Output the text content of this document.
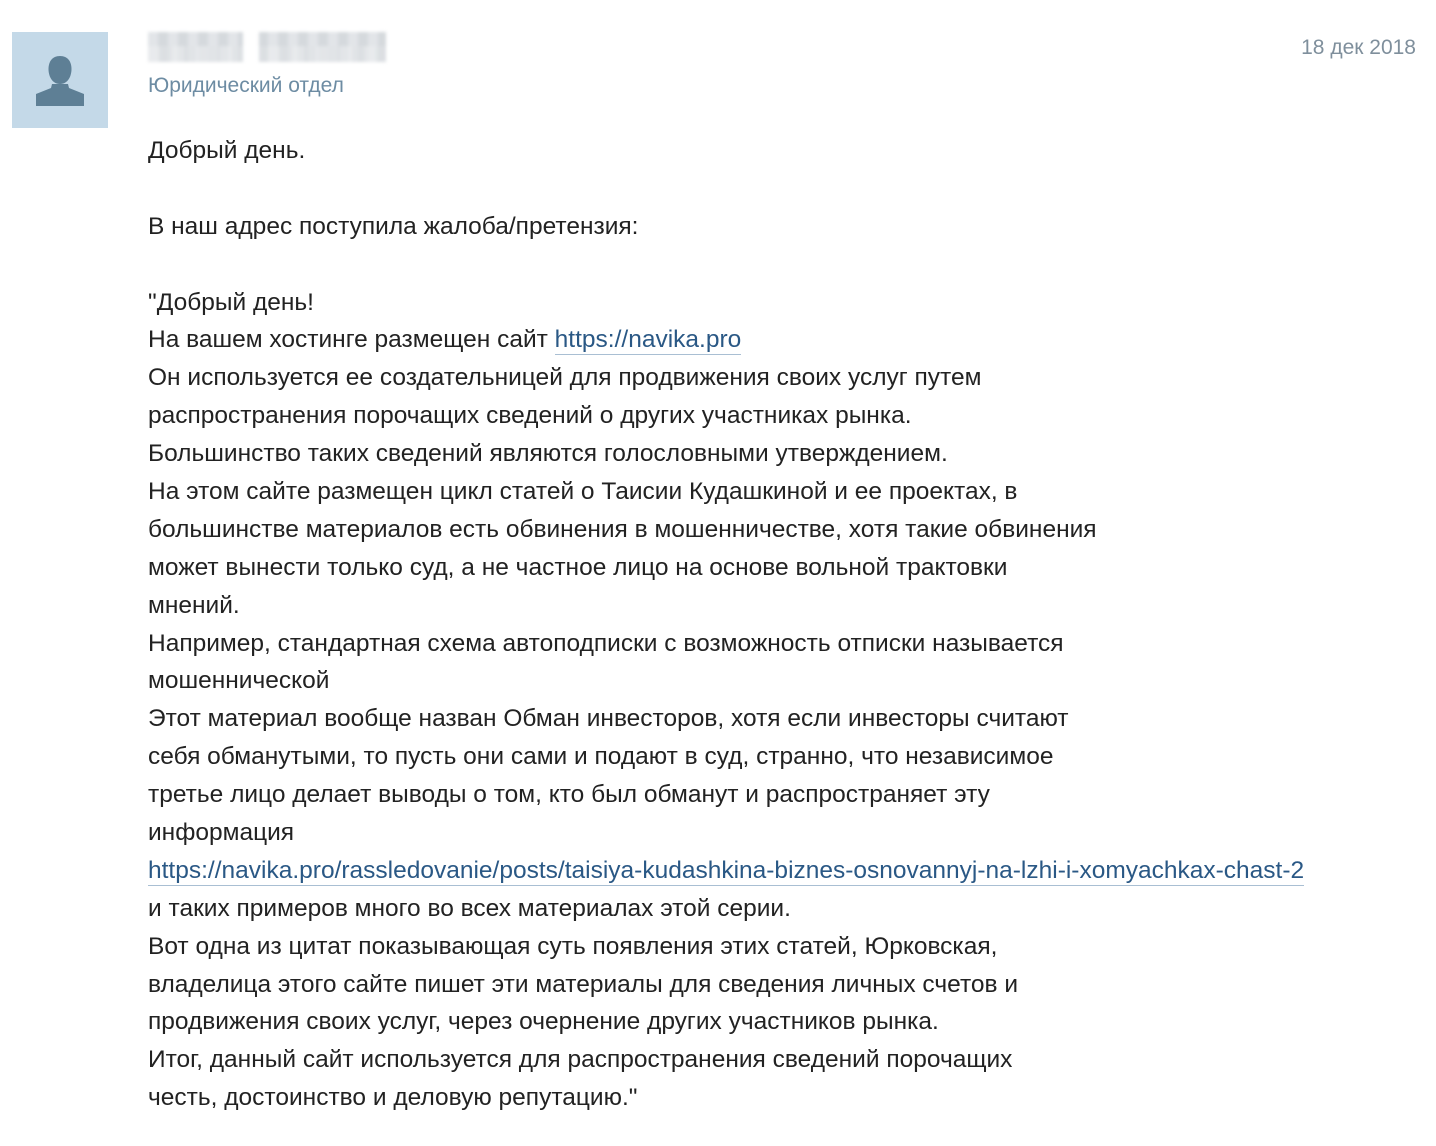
Юридический отдел
18 дек 2018
Добрый день.
В наш адрес поступила жалоба/претензия:
"Добрый день!
На вашем хостинге размещен сайт https://navika.pro
Он используется ее создательницей для продвижения своих услуг путем
распространения порочащих сведений о других участниках рынка.
Большинство таких сведений являются голословными утверждением.
На этом сайте размещен цикл статей о Таисии Кудашкиной и ее проектах, в
большинстве материалов есть обвинения в мошенничестве, хотя такие обвинения
может вынести только суд, а не частное лицо на основе вольной трактовки
мнений.
Например, стандартная схема автоподписки с возможность отписки называется
мошеннической
Этот материал вообще назван Обман инвесторов, хотя если инвесторы считают
себя обманутыми, то пусть они сами и подают в суд, странно, что независимое
третье лицо делает выводы о том, кто был обманут и распространяет эту
информация
https://navika.pro/rassledovanie/posts/taisiya-kudashkina-biznes-osnovannyj-na-lzhi-i-xomyachkax-chast-2
и таких примеров много во всех материалах этой серии.
Вот одна из цитат показывающая суть появления этих статей, Юрковская,
владелица этого сайте пишет эти материалы для сведения личных счетов и
продвижения своих услуг, через очернение других участников рынка.
Итог, данный сайт используется для распространения сведений порочащих
честь, достоинство и деловую репутацию."
